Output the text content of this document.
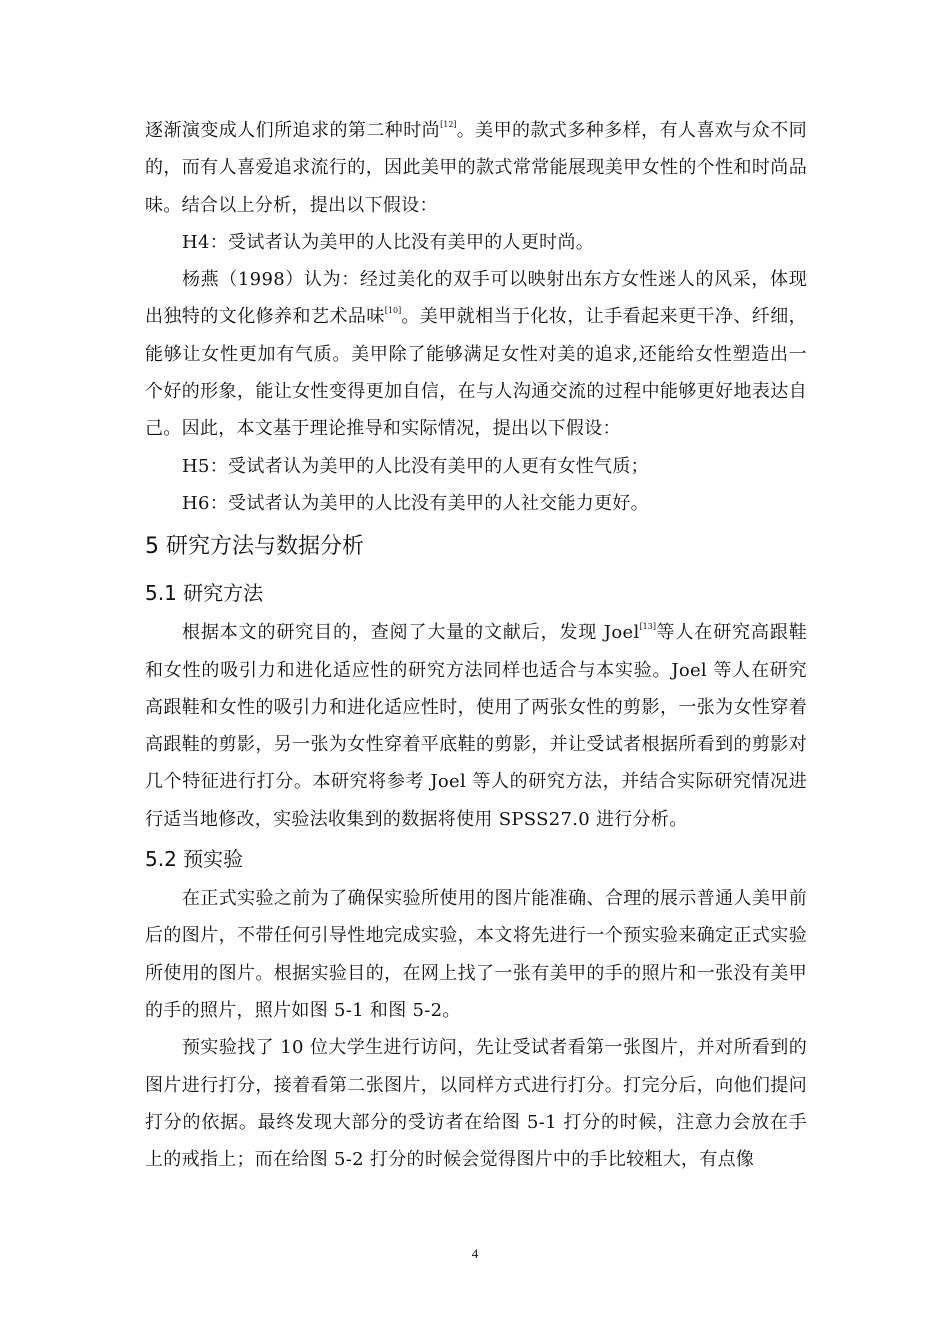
逐渐演变成人们所追求的第二种时尚[12]。美甲的款式多种多样，有人喜欢与众不同的，而有人喜爱追求流行的，因此美甲的款式常常能展现美甲女性的个性和时尚品味。结合以上分析，提出以下假设：

H4：受试者认为美甲的人比没有美甲的人更时尚。

杨燕（1998）认为：经过美化的双手可以映射出东方女性迷人的风采，体现出独特的文化修养和艺术品味[10]。美甲就相当于化妆，让手看起来更干净、纤细，能够让女性更加有气质。美甲除了能够满足女性对美的追求,还能给女性塑造出一个好的形象，能让女性变得更加自信，在与人沟通交流的过程中能够更好地表达自己。因此，本文基于理论推导和实际情况，提出以下假设：

H5：受试者认为美甲的人比没有美甲的人更有女性气质；

H6：受试者认为美甲的人比没有美甲的人社交能力更好。

5 研究方法与数据分析
5.1 研究方法

根据本文的研究目的，查阅了大量的文献后，发现 Joel[13]等人在研究高跟鞋和女性的吸引力和进化适应性的研究方法同样也适合与本实验。Joel 等人在研究高跟鞋和女性的吸引力和进化适应性时，使用了两张女性的剪影，一张为女性穿着高跟鞋的剪影，另一张为女性穿着平底鞋的剪影，并让受试者根据所看到的剪影对几个特征进行打分。本研究将参考 Joel 等人的研究方法，并结合实际研究情况进行适当地修改，实验法收集到的数据将使用 SPSS27.0 进行分析。

5.2 预实验

在正式实验之前为了确保实验所使用的图片能准确、合理的展示普通人美甲前后的图片，不带任何引导性地完成实验，本文将先进行一个预实验来确定正式实验所使用的图片。根据实验目的，在网上找了一张有美甲的手的照片和一张没有美甲的手的照片，照片如图 5-1 和图 5-2。

预实验找了 10 位大学生进行访问，先让受试者看第一张图片，并对所看到的图片进行打分，接着看第二张图片，以同样方式进行打分。打完分后，向他们提问打分的依据。最终发现大部分的受访者在给图 5-1 打分的时候，注意力会放在手上的戒指上；而在给图 5-2 打分的时候会觉得图片中的手比较粗大，有点像

4
